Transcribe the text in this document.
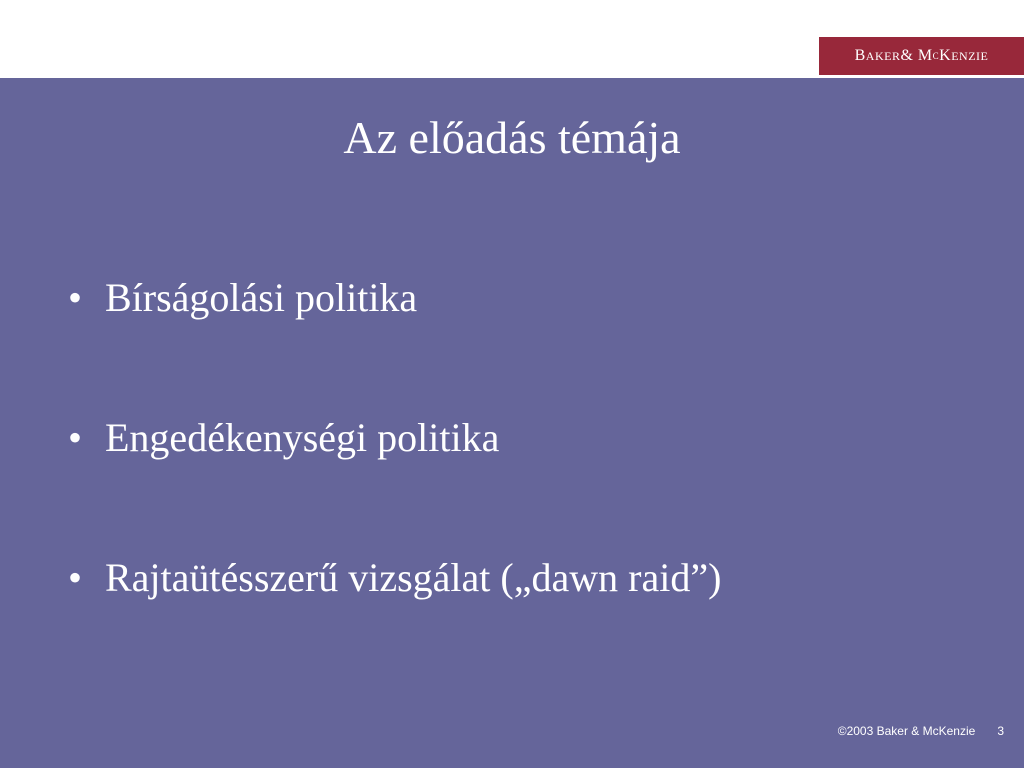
B AKER & M C K ENZIE
Az előadás témája
• Bírságolási politika
• Engedékenységi politika
• Rajtaütésszerű vizsgálat („dawn raid”)
©2003 Baker & McKenzie 3
